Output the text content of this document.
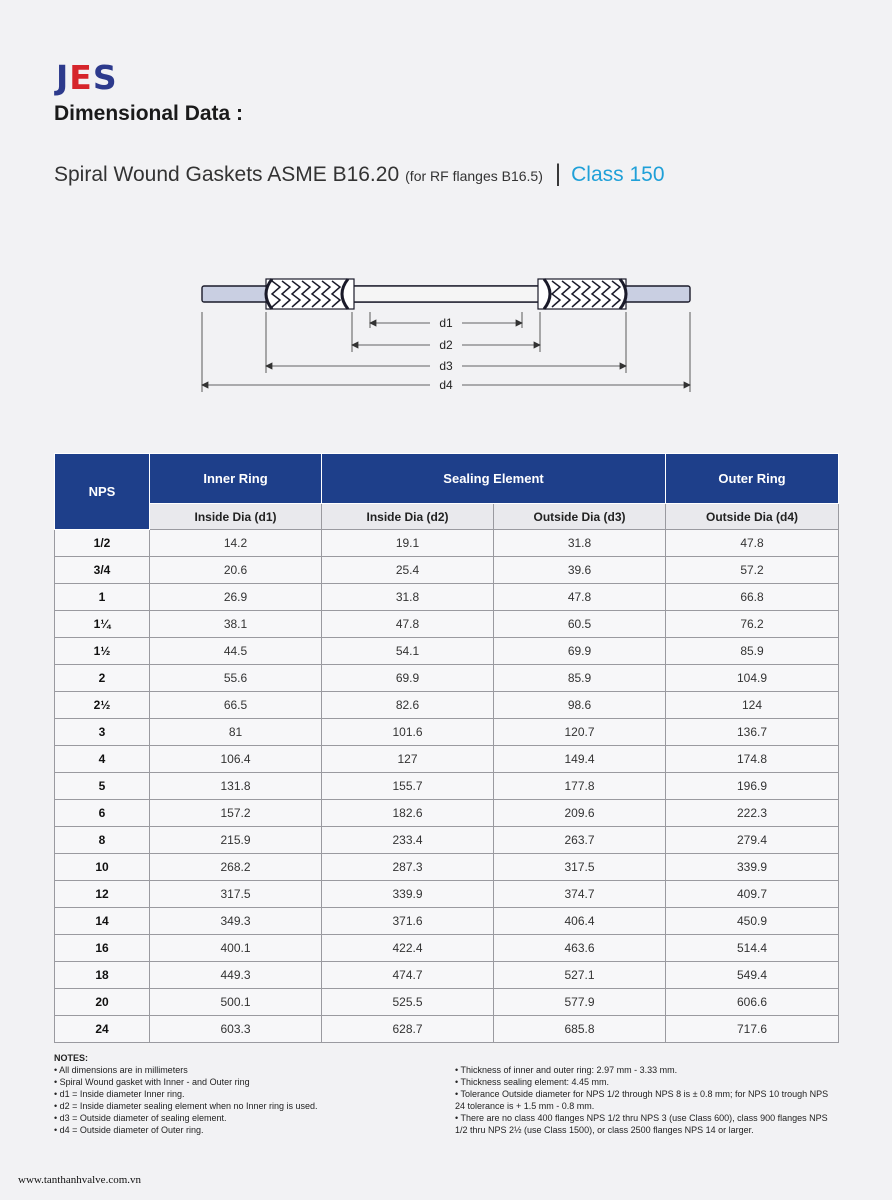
JES
Dimensional Data :
Spiral Wound Gaskets ASME B16.20 (for RF flanges B16.5) | Class 150
d1
d2
d3
d4
NPS	Inner Ring	Sealing Element		Outer Ring
	Inside Dia (d1)	Inside Dia (d2)	Outside Dia (d3)	Outside Dia (d4)
1/2	14.2	19.1	31.8	47.8
3/4	20.6	25.4	39.6	57.2
1	26.9	31.8	47.8	66.8
1¼	38.1	47.8	60.5	76.2
1½	44.5	54.1	69.9	85.9
2	55.6	69.9	85.9	104.9
2½	66.5	82.6	98.6	124
3	81	101.6	120.7	136.7
4	106.4	127	149.4	174.8
5	131.8	155.7	177.8	196.9
6	157.2	182.6	209.6	222.3
8	215.9	233.4	263.7	279.4
10	268.2	287.3	317.5	339.9
12	317.5	339.9	374.7	409.7
14	349.3	371.6	406.4	450.9
16	400.1	422.4	463.6	514.4
18	449.3	474.7	527.1	549.4
20	500.1	525.5	577.9	606.6
24	603.3	628.7	685.8	717.6
NOTES:
• All dimensions are in millimeters
• Spiral Wound gasket with Inner - and Outer ring
• d1 = Inside diameter Inner ring.
• d2 = Inside diameter sealing element when no Inner ring is used.
• d3 = Outside diameter of sealing element.
• d4 = Outside diameter of Outer ring.
• Thickness of inner and outer ring: 2.97 mm - 3.33 mm.
• Thickness sealing element: 4.45 mm.
• Tolerance Outside diameter for NPS 1/2 through NPS 8 is ± 0.8 mm; for NPS 10 trough NPS 24 tolerance is + 1.5 mm - 0.8 mm.
• There are no class 400 flanges NPS 1/2 thru NPS 3 (use Class 600), class 900 flanges NPS 1/2 thru NPS 2½ (use Class 1500), or class 2500 flanges NPS 14 or larger.
www.tanthanhvalve.com.vn
